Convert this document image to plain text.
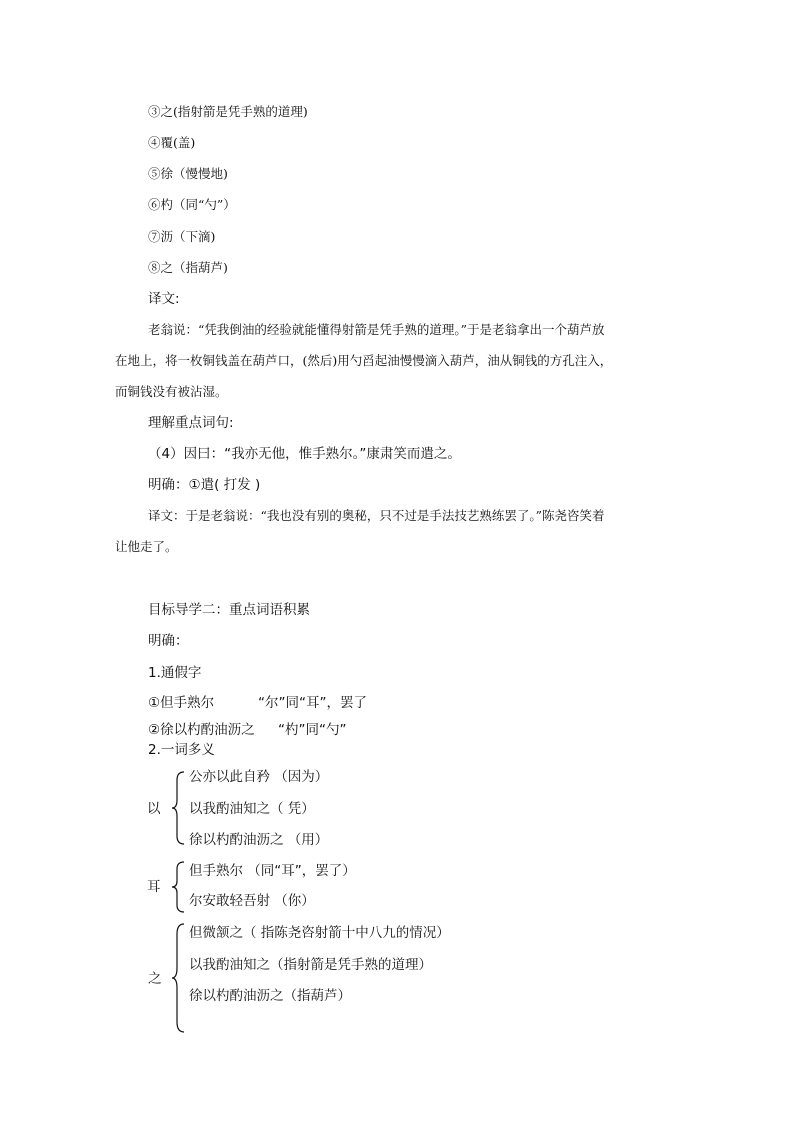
③之(指射箭是凭手熟的道理)
④覆(盖)
⑤徐（慢慢地)
⑥杓（同“勺”）
⑦沥（下滴)
⑧之（指葫芦)
译文:
老翁说：“凭我倒油的经验就能懂得射箭是凭手熟的道理。”于是老翁拿出一个葫芦放
在地上，将一枚铜钱盖在葫芦口，(然后)用勺舀起油慢慢滴入葫芦，油从铜钱的方孔注入，
而铜钱没有被沾湿。
理解重点词句:
（4）因曰：“我亦无他，惟手熟尔。”康肃笑而遣之。
明确：①遣( 打发 )
译文：于是老翁说：“我也没有别的奥秘，只不过是手法技艺熟练罢了。”陈尧咨笑着
让他走了。
目标导学二：重点词语积累
明确：
1.通假字
①但手熟尔	“尔”同“耳”，罢了
②徐以杓酌油沥之 “杓”同“勺”
2.一词多义
以
公亦以此自矜 （因为）
以我酌油知之（ 凭）
徐以杓酌油沥之 （用）
耳
但手熟尔 （同“耳”，罢了）
尔安敢轻吾射 （你）
之
但微颔之（ 指陈尧咨射箭十中八九的情况）
以我酌油知之（指射箭是凭手熟的道理）
徐以杓酌油沥之（指葫芦）
